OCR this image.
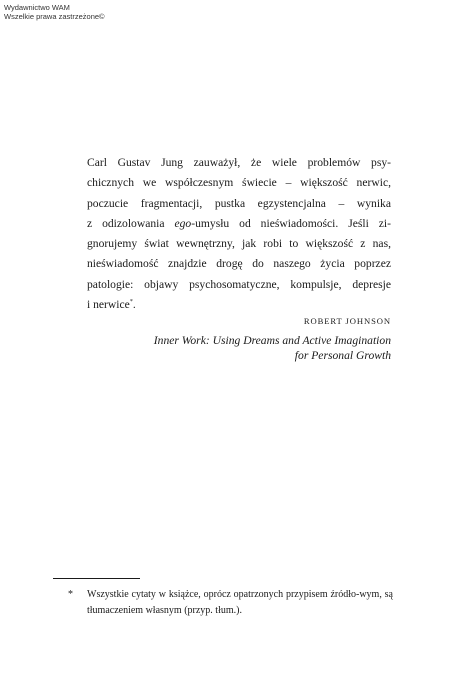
Wydawnictwo WAM
Wszelkie prawa zastrzeżone©
Carl Gustav Jung zauważył, że wiele problemów psy-
chicznych we współczesnym świecie – większość nerwic,
poczucie fragmentacji, pustka egzystencjalna – wynika
z odizolowania ego-umysłu od nieświadomości. Jeśli zi-
gnorujemy świat wewnętrzny, jak robi to większość z nas,
nieświadomość znajdzie drogę do naszego życia poprzez
patologie: objawy psychosomatyczne, kompulsje, depresje
i nerwice*.
ROBERT JOHNSON
Inner Work: Using Dreams and Active Imagination
for Personal Growth
* Wszystkie cytaty w książce, oprócz opatrzonych przypisem źródło-wym, są tłumaczeniem własnym (przyp. tłum.).
